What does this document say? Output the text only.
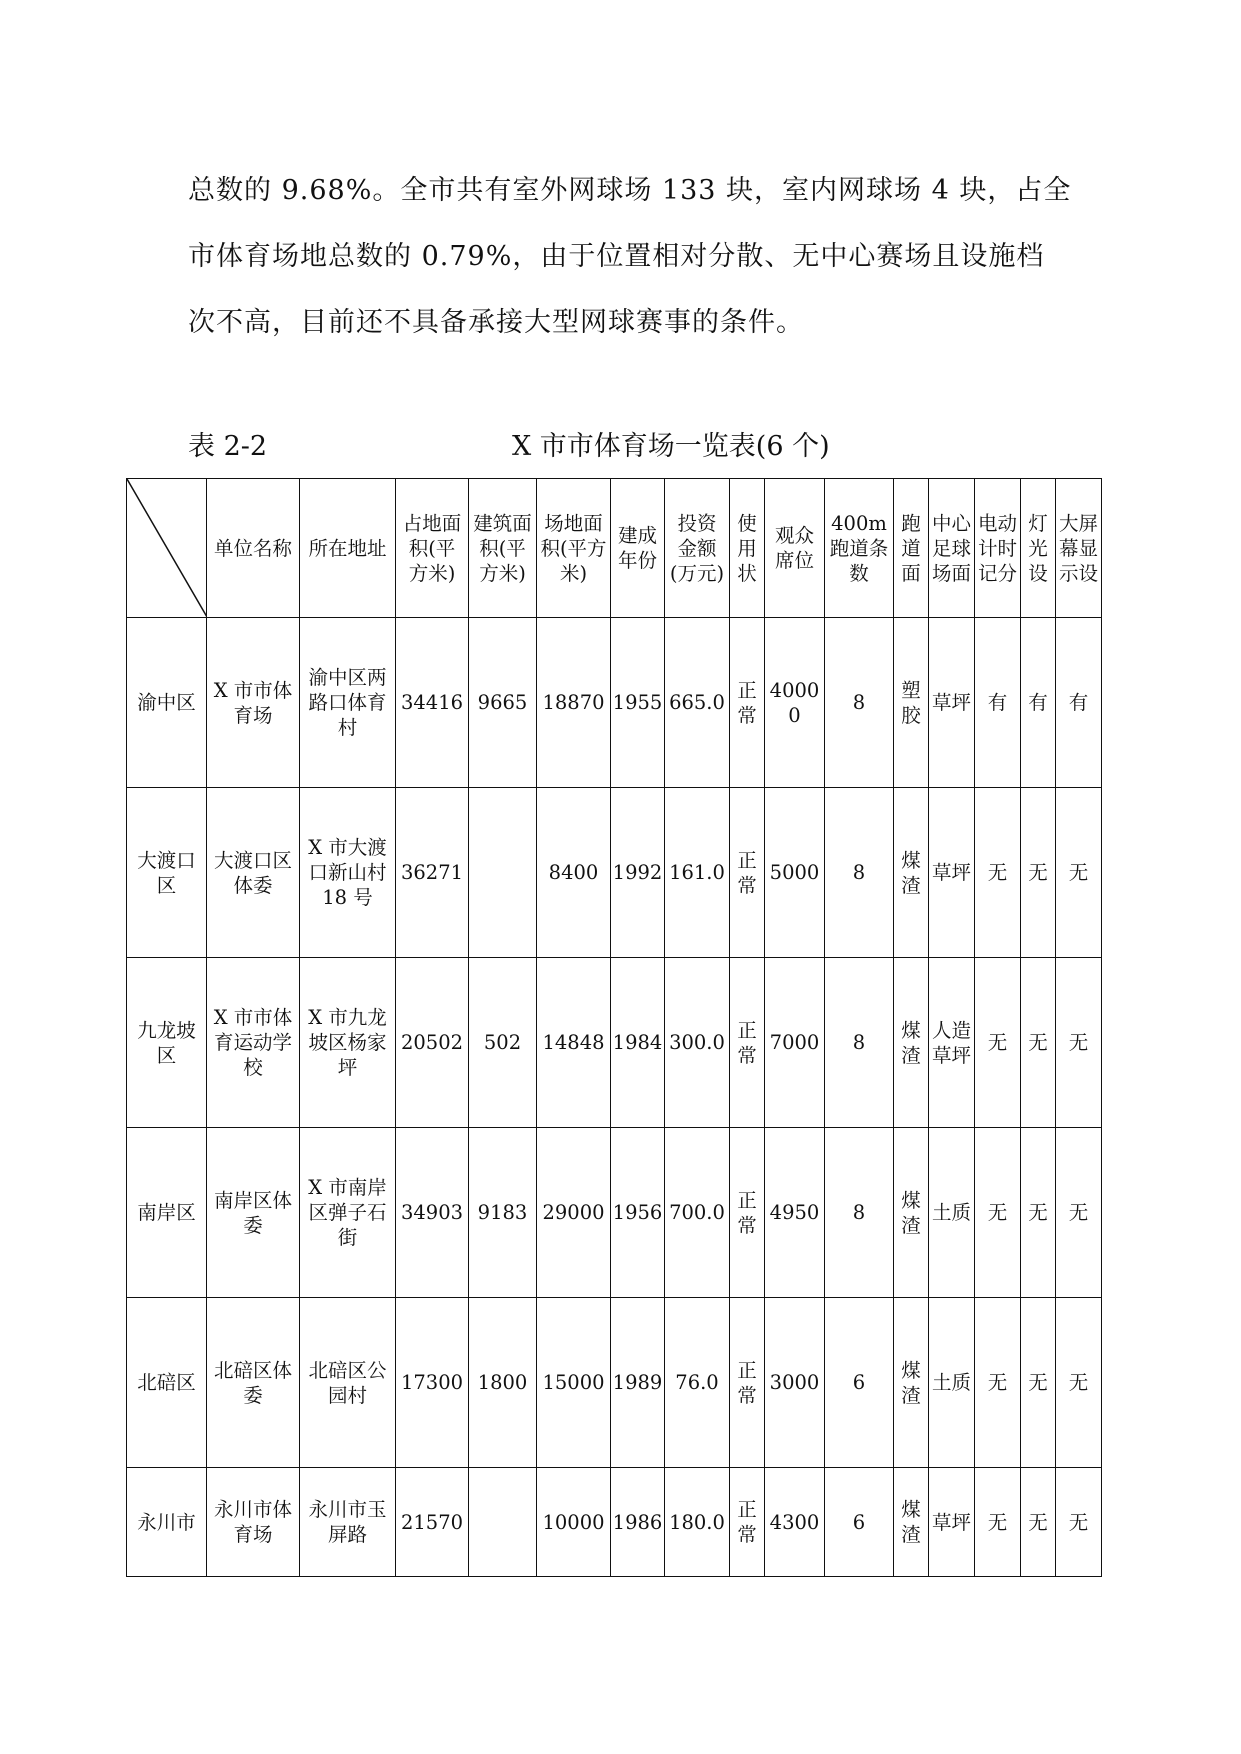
总数的 9.68%。全市共有室外网球场 133 块，室内网球场 4 块，占全
市体育场地总数的 0.79%，由于位置相对分散、无中心赛场且设施档
次不高，目前还不具备承接大型网球赛事的条件。
表 2-2	X 市市体育场一览表(6 个)

单位名称	所在地址	占地面积(平方米)	建筑面积(平方米)	场地面积(平方米)	建成年份	投资金额(万元)	使用状	观众席位	400m跑道条数	跑道面	中心足球场面	电动计时记分	灯光设	大屏幕显示设

渝中区	X 市市体育场	渝中区两路口体育村	34416	9665	18870	1955	665.0	正常	40000	8	塑胶	草坪	有	有	有

大渡口区	大渡口区体委	X 市大渡口新山村 18 号	36271		8400	1992	161.0	正常	5000	8	煤渣	草坪	无	无	无

九龙坡区	X 市市体育运动学校	X 市九龙坡区杨家坪	20502	502	14848	1984	300.0	正常	7000	8	煤渣	人造草坪	无	无	无

南岸区	南岸区体委	X 市南岸区弹子石街	34903	9183	29000	1956	700.0	正常	4950	8	煤渣	土质	无	无	无

北碚区	北碚区体委	北碚区公园村	17300	1800	15000	1989	76.0	正常	3000	6	煤渣	土质	无	无	无

永川市	永川市体育场	永川市玉屏路	21570		10000	1986	180.0	正常	4300	6	煤渣	草坪	无	无	无
